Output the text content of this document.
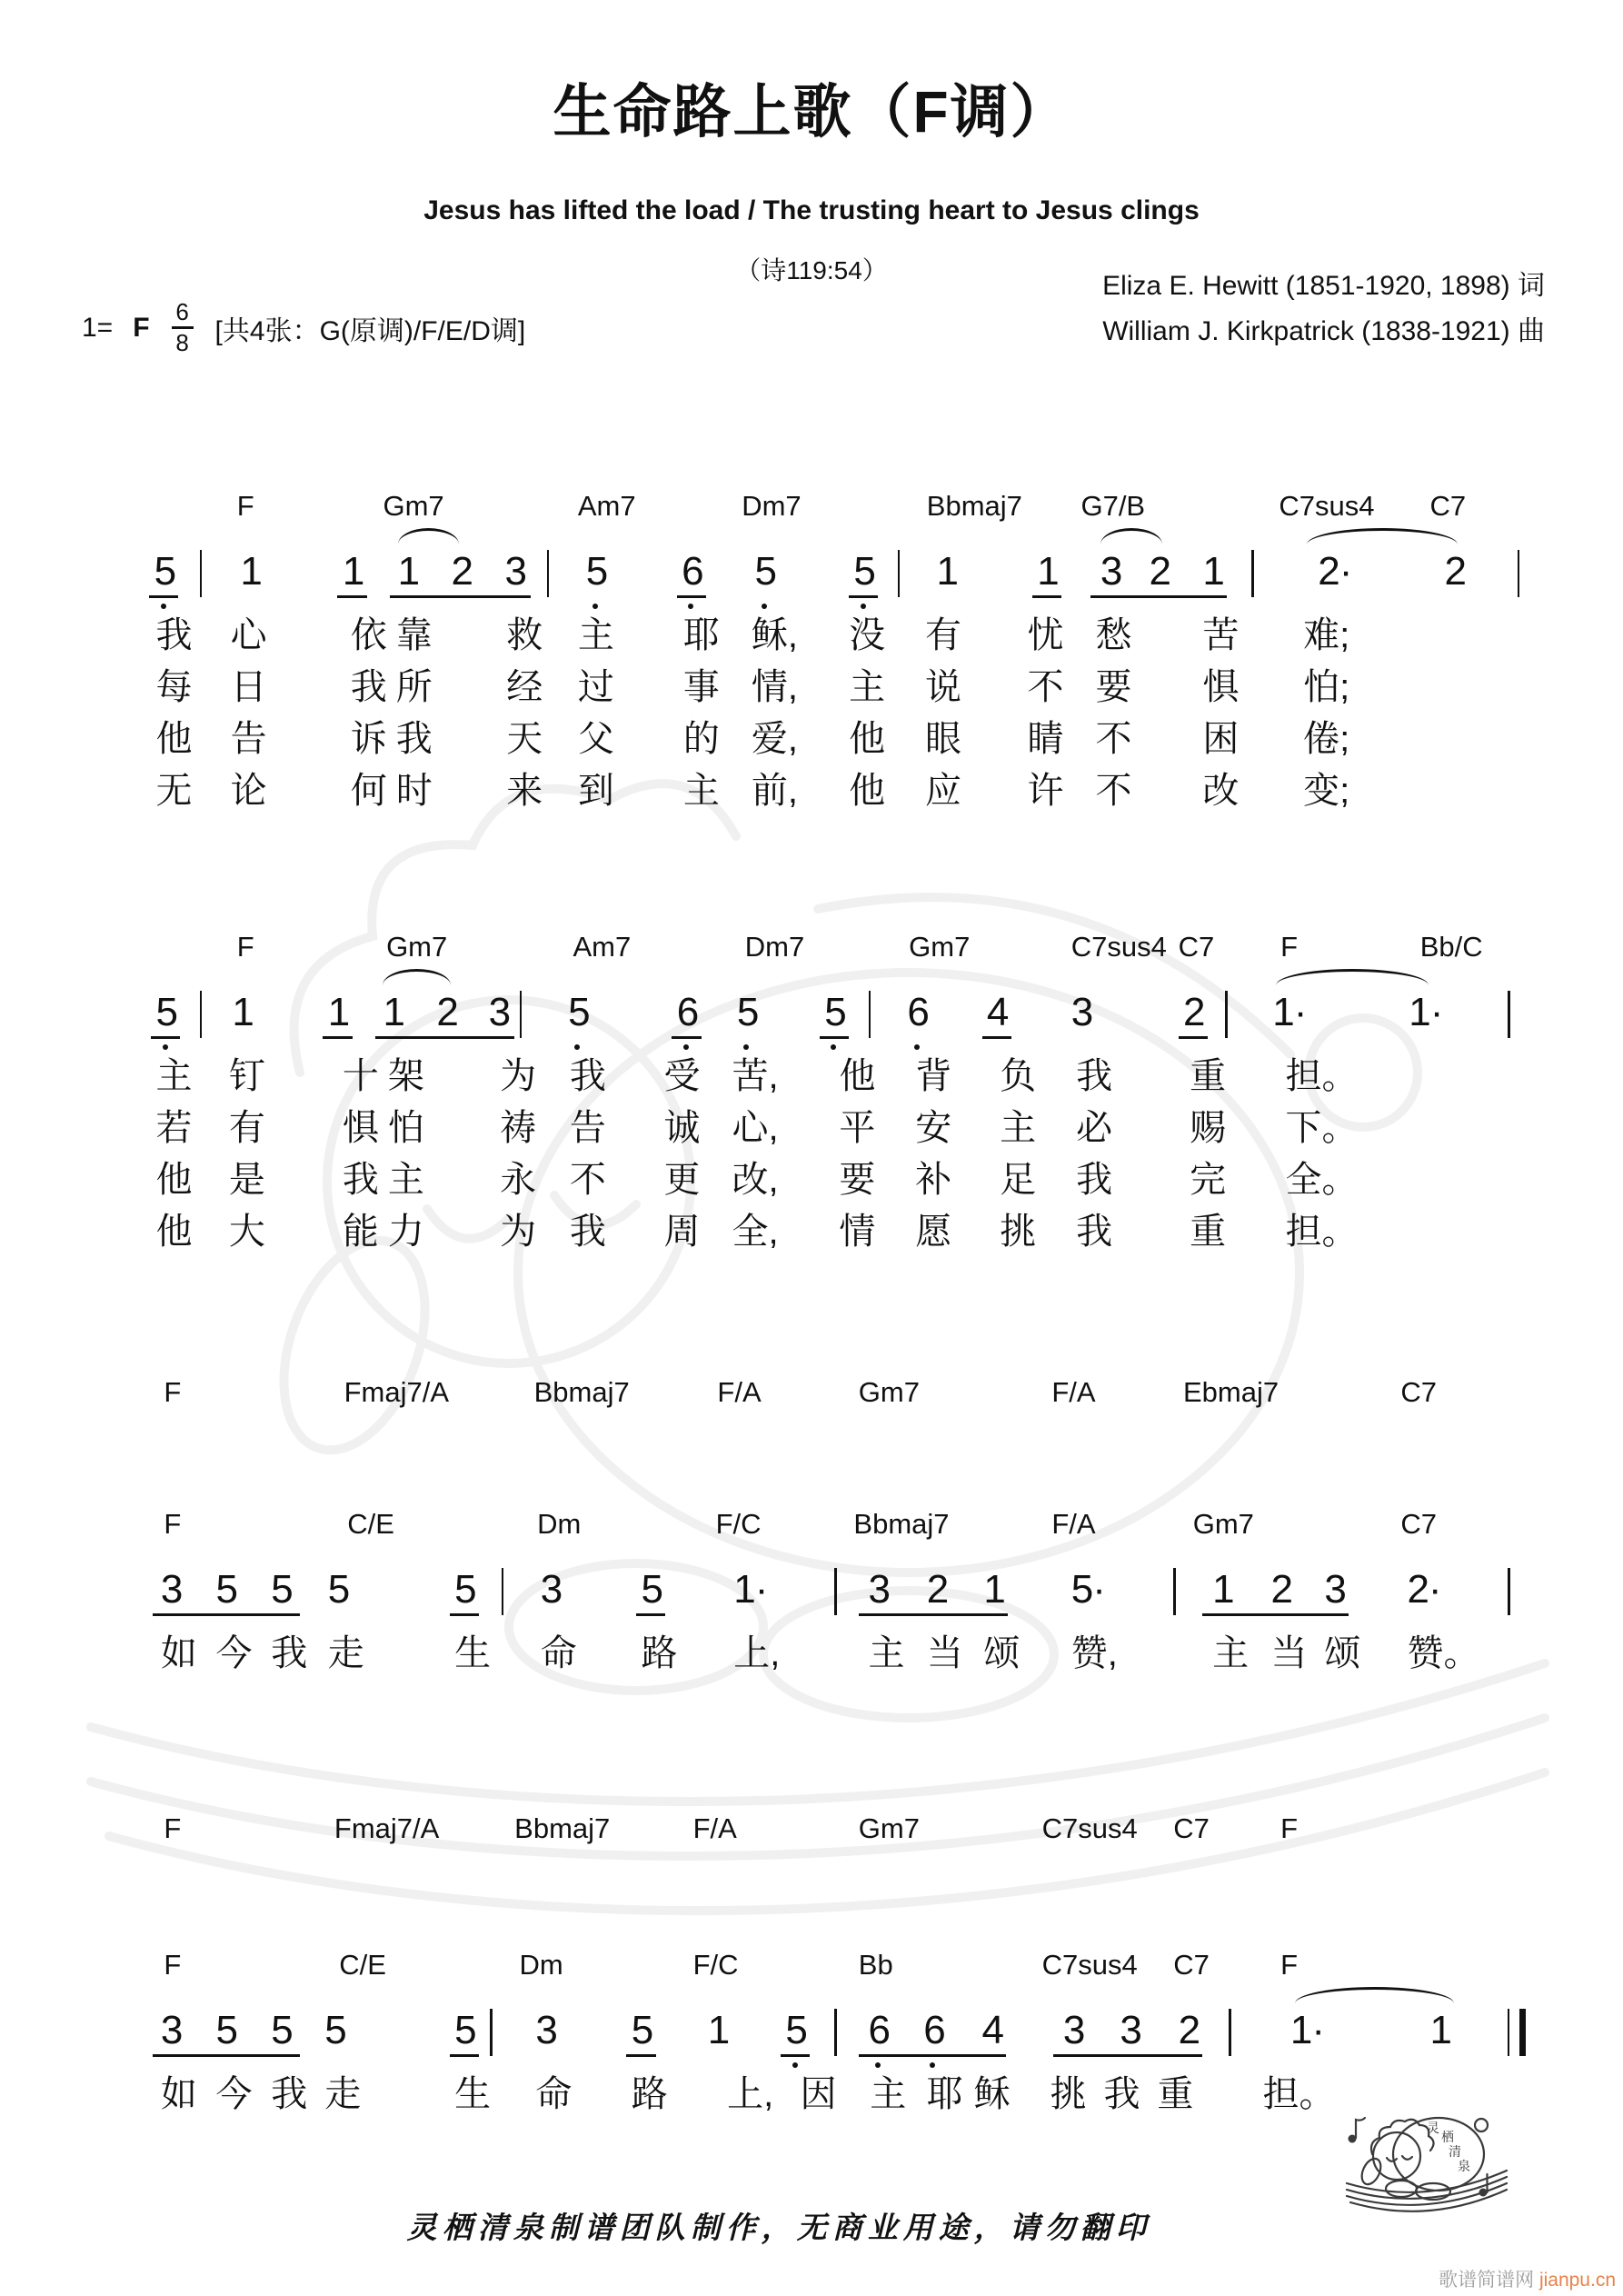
生命路上歌（F调）
Jesus has lifted the load / The trusting heart to Jesus clings
（诗119:54）
Eliza E. Hewitt (1851-1920, 1898) 词
William J. Kirkpatrick (1838-1921) 曲
1= F $\frac{6}{8}$ [共4张：G(原调)/F/E/D调]
F	Gm7	Am7	Dm7	Bbmaj7 G7/B	C7sus4 C7
5 1 1 1 2 3 5 6 5 5 1 1 3 2 1 2· 2
我 心 依 靠 救 主 耶 稣, 没 有 忧 愁 苦 难;
每 日 我 所 经 过 事 情, 主 说 不 要 惧 怕;
他 告 诉 我 天 父 的 爱, 他 眼 睛 不 困 倦;
无 论 何 时 来 到 主 前, 他 应 许 不 改 变;
F	Gm7	Am7	Dm7	Gm7	C7sus4 C7 F	Bb/C
5 1 1 1 2 3 5 6 5 5 6 4 3 2 1·	1·
主 钉 十 架 为 我 受 苦, 他 背 负 我 重 担。
若 有 惧 怕 祷 告 诚 心, 平 安 主 必 赐 下。
他 是 我 主 永 不 更 改, 要 补 足 我 完 全。
他 大 能 力 为 我 周 全, 情 愿 挑 我 重 担。
F	Fmaj7/A	Bbmaj7	F/A	Gm7	F/A	Ebmaj7	C7
F	C/E	Dm	F/C	Bbmaj7	F/A	Gm7	C7
3 5 5 5	5 3 5 1·	3 2 1 5·	1 2 3 2·
如 今 我 走 生 命 路 上, 主 当 颂 赞,	主 当 颂 赞。
F	Fmaj7/A	Bbmaj7	F/A	Gm7	C7sus4 C7	F
F	C/E	Dm	F/C	Bb	C7sus4 C7	F
3 5 5 5	5 3 5 1 5 6 6 4 3 3 2 1·	1
如 今 我 走	生 命 路 上, 因 主 耶 稣 挑 我 重 担。
灵栖清泉制谱团队制作，无商业用途，请勿翻印
灵
栖
清
泉
歌谱简谱网 jianpu.cn
